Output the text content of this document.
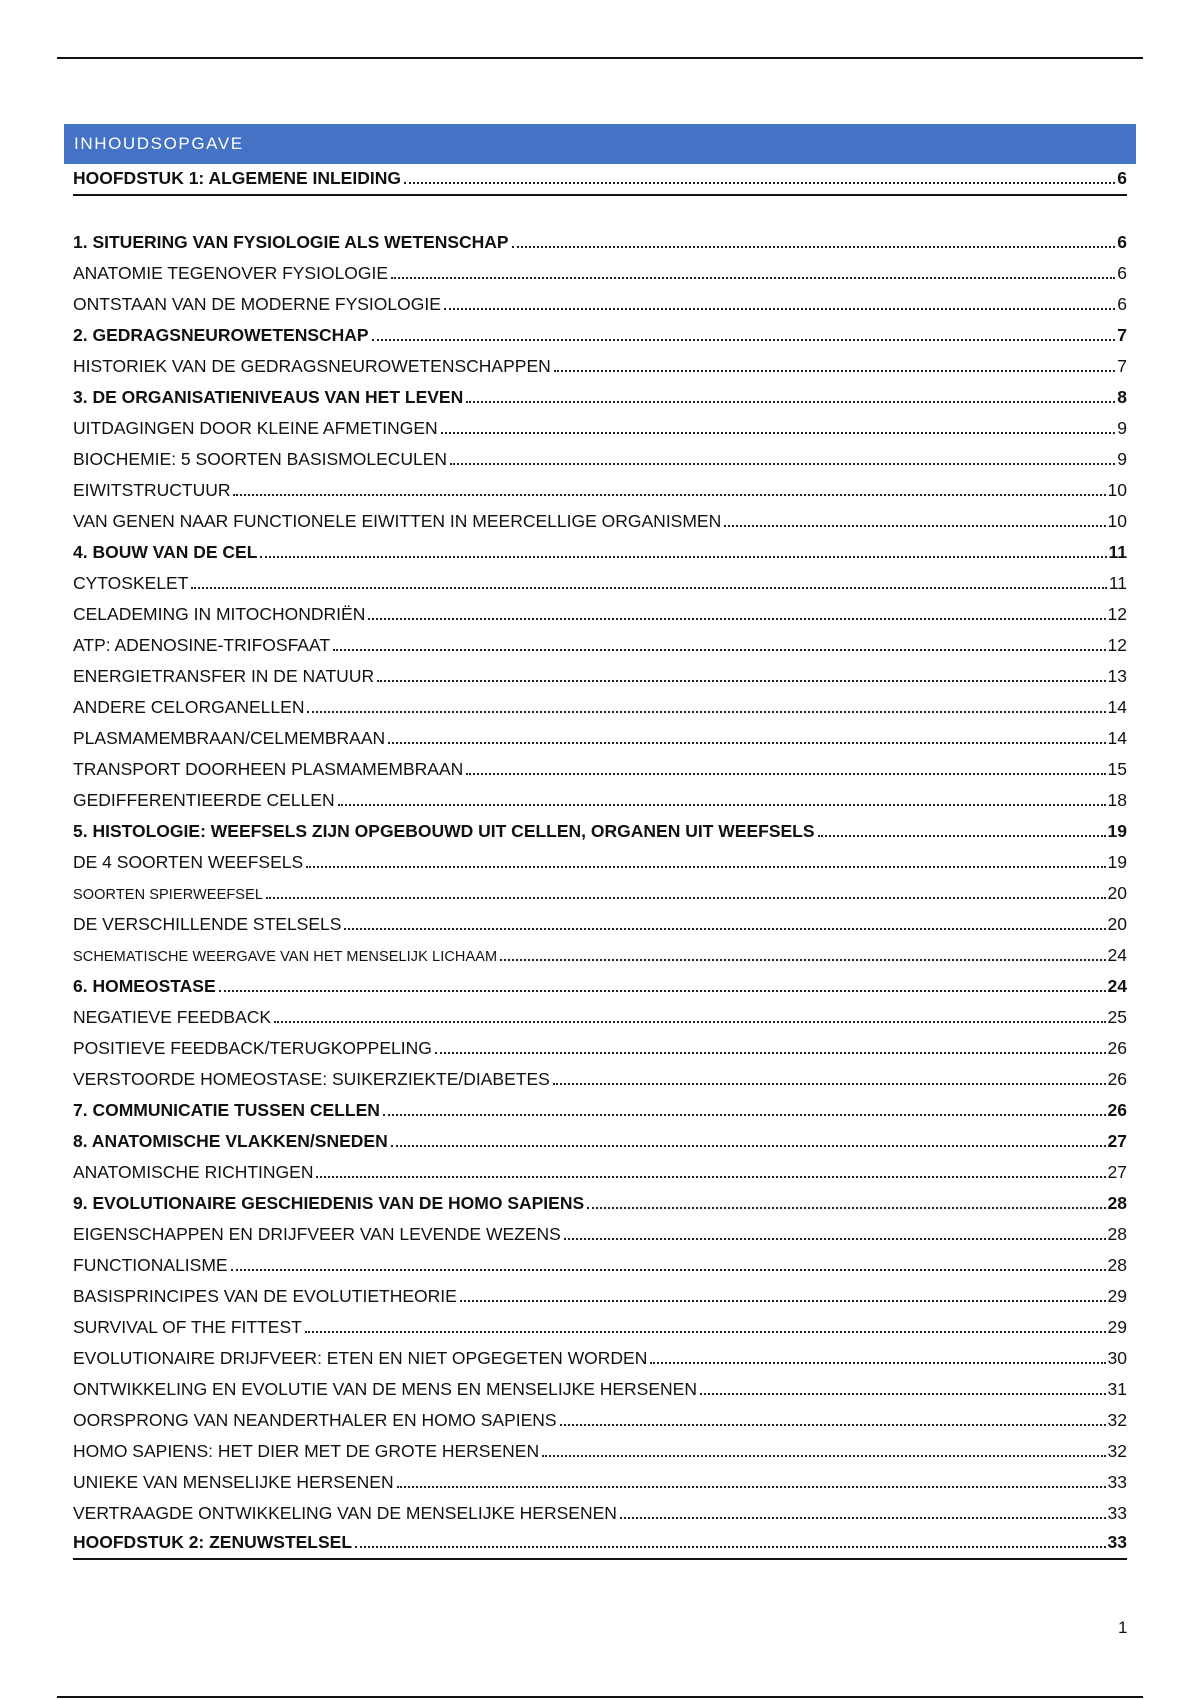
INHOUDSOPGAVE
HOOFDSTUK 1: ALGEMENE INLEIDING	6
1. SITUERING VAN FYSIOLOGIE ALS WETENSCHAP	6
ANATOMIE TEGENOVER FYSIOLOGIE	6
ONTSTAAN VAN DE MODERNE FYSIOLOGIE	6
2. GEDRAGSNEUROWETENSCHAP	7
HISTORIEK VAN DE GEDRAGSNEUROWETENSCHAPPEN	7
3. DE ORGANISATIENIVEAUS VAN HET LEVEN	8
UITDAGINGEN DOOR KLEINE AFMETINGEN	9
BIOCHEMIE: 5 SOORTEN BASISMOLECULEN	9
EIWITSTRUCTUUR	10
VAN GENEN NAAR FUNCTIONELE EIWITTEN IN MEERCELLIGE ORGANISMEN	10
4. BOUW VAN DE CEL	11
CYTOSKELET	11
CELADEMING IN MITOCHONDRIËN	12
ATP: ADENOSINE-TRIFOSFAAT	12
ENERGIETRANSFER IN DE NATUUR	13
ANDERE CELORGANELLEN	14
PLASMAMEMBRAAN/CELMEMBRAAN	14
TRANSPORT DOORHEEN PLASMAMEMBRAAN	15
GEDIFFERENTIEERDE CELLEN	18
5. HISTOLOGIE: WEEFSELS ZIJN OPGEBOUWD UIT CELLEN, ORGANEN UIT WEEFSELS	19
DE 4 SOORTEN WEEFSELS	19
SOORTEN SPIERWEEFSEL	20
DE VERSCHILLENDE STELSELS	20
SCHEMATISCHE WEERGAVE VAN HET MENSELIJK LICHAAM	24
6. HOMEOSTASE	24
NEGATIEVE FEEDBACK	25
POSITIEVE FEEDBACK/TERUGKOPPELING	26
VERSTOORDE HOMEOSTASE: SUIKERZIEKTE/DIABETES	26
7. COMMUNICATIE TUSSEN CELLEN	26
8. ANATOMISCHE VLAKKEN/SNEDEN	27
ANATOMISCHE RICHTINGEN	27
9. EVOLUTIONAIRE GESCHIEDENIS VAN DE HOMO SAPIENS	28
EIGENSCHAPPEN EN DRIJFVEER VAN LEVENDE WEZENS	28
FUNCTIONALISME	28
BASISPRINCIPES VAN DE EVOLUTIETHEORIE	29
SURVIVAL OF THE FITTEST	29
EVOLUTIONAIRE DRIJFVEER: ETEN EN NIET OPGEGETEN WORDEN	30
ONTWIKKELING EN EVOLUTIE VAN DE MENS EN MENSELIJKE HERSENEN	31
OORSPRONG VAN NEANDERTHALER EN HOMO SAPIENS	32
HOMO SAPIENS: HET DIER MET DE GROTE HERSENEN	32
UNIEKE VAN MENSELIJKE HERSENEN	33
VERTRAAGDE ONTWIKKELING VAN DE MENSELIJKE HERSENEN	33
HOOFDSTUK 2: ZENUWSTELSEL	33
1
